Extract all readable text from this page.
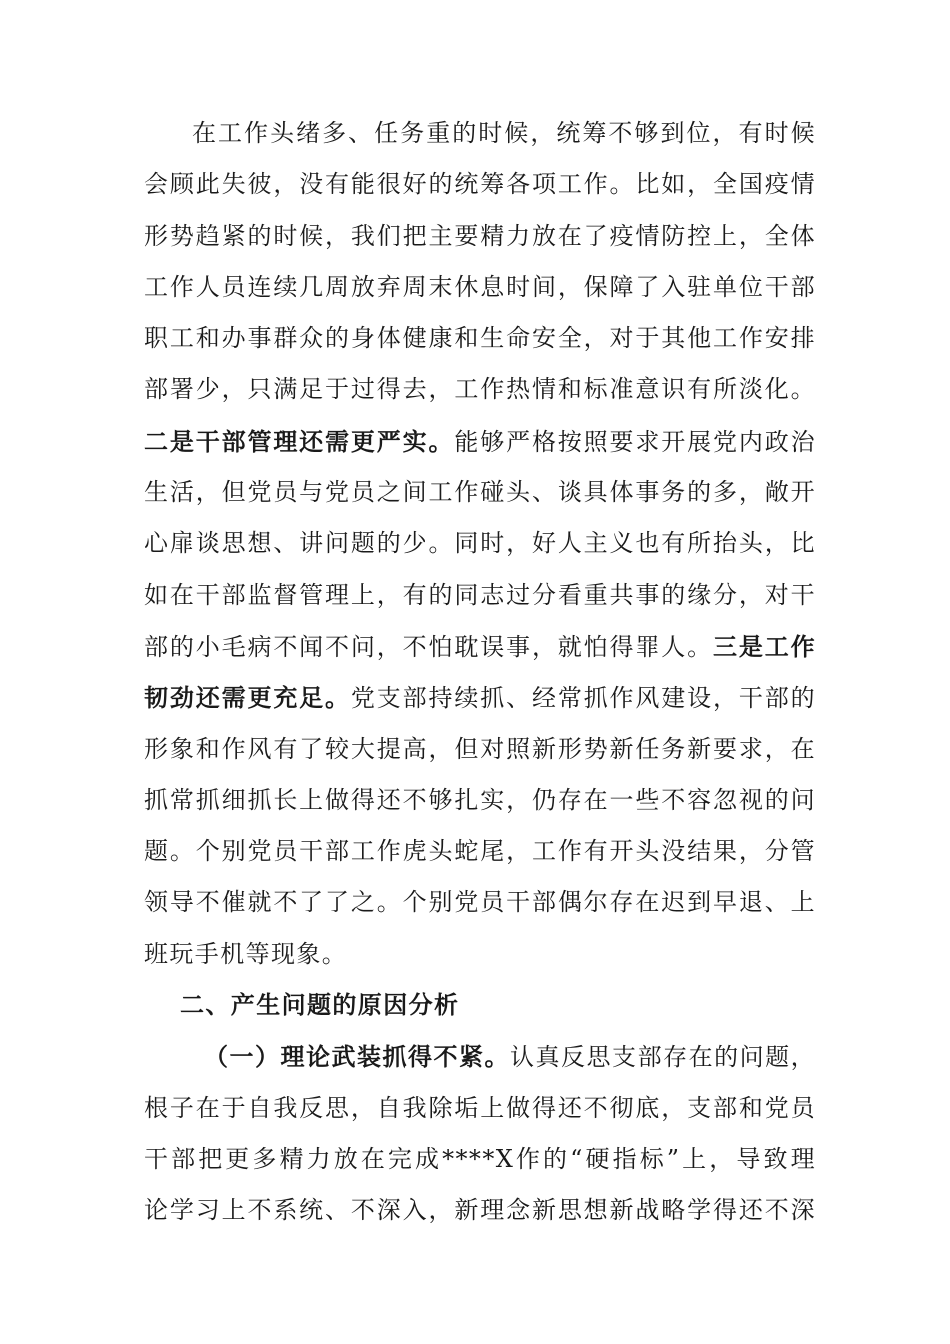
在工作头绪多、任务重的时候，统筹不够到位，有时候
会顾此失彼，没有能很好的统筹各项工作。比如，全国疫情
形势趋紧的时候，我们把主要精力放在了疫情防控上，全体
工作人员连续几周放弃周末休息时间，保障了入驻单位干部
职工和办事群众的身体健康和生命安全，对于其他工作安排
部署少，只满足于过得去，工作热情和标准意识有所淡化。
二是干部管理还需更严实。能够严格按照要求开展党内政治
生活，但党员与党员之间工作碰头、谈具体事务的多，敞开
心扉谈思想、讲问题的少。同时，好人主义也有所抬头，比
如在干部监督管理上，有的同志过分看重共事的缘分，对干
部的小毛病不闻不问，不怕耽误事，就怕得罪人。三是工作
韧劲还需更充足。党支部持续抓、经常抓作风建设，干部的
形象和作风有了较大提高，但对照新形势新任务新要求，在
抓常抓细抓长上做得还不够扎实，仍存在一些不容忽视的问
题。个别党员干部工作虎头蛇尾，工作有开头没结果，分管
领导不催就不了了之。个别党员干部偶尔存在迟到早退、上
班玩手机等现象。
二、产生问题的原因分析
（一）理论武装抓得不紧。认真反思支部存在的问题，
根子在于自我反思，自我除垢上做得还不彻底，支部和党员
干部把更多精力放在完成****X作的“硬指标”上，导致理
论学习上不系统、不深入，新理念新思想新战略学得还不深
